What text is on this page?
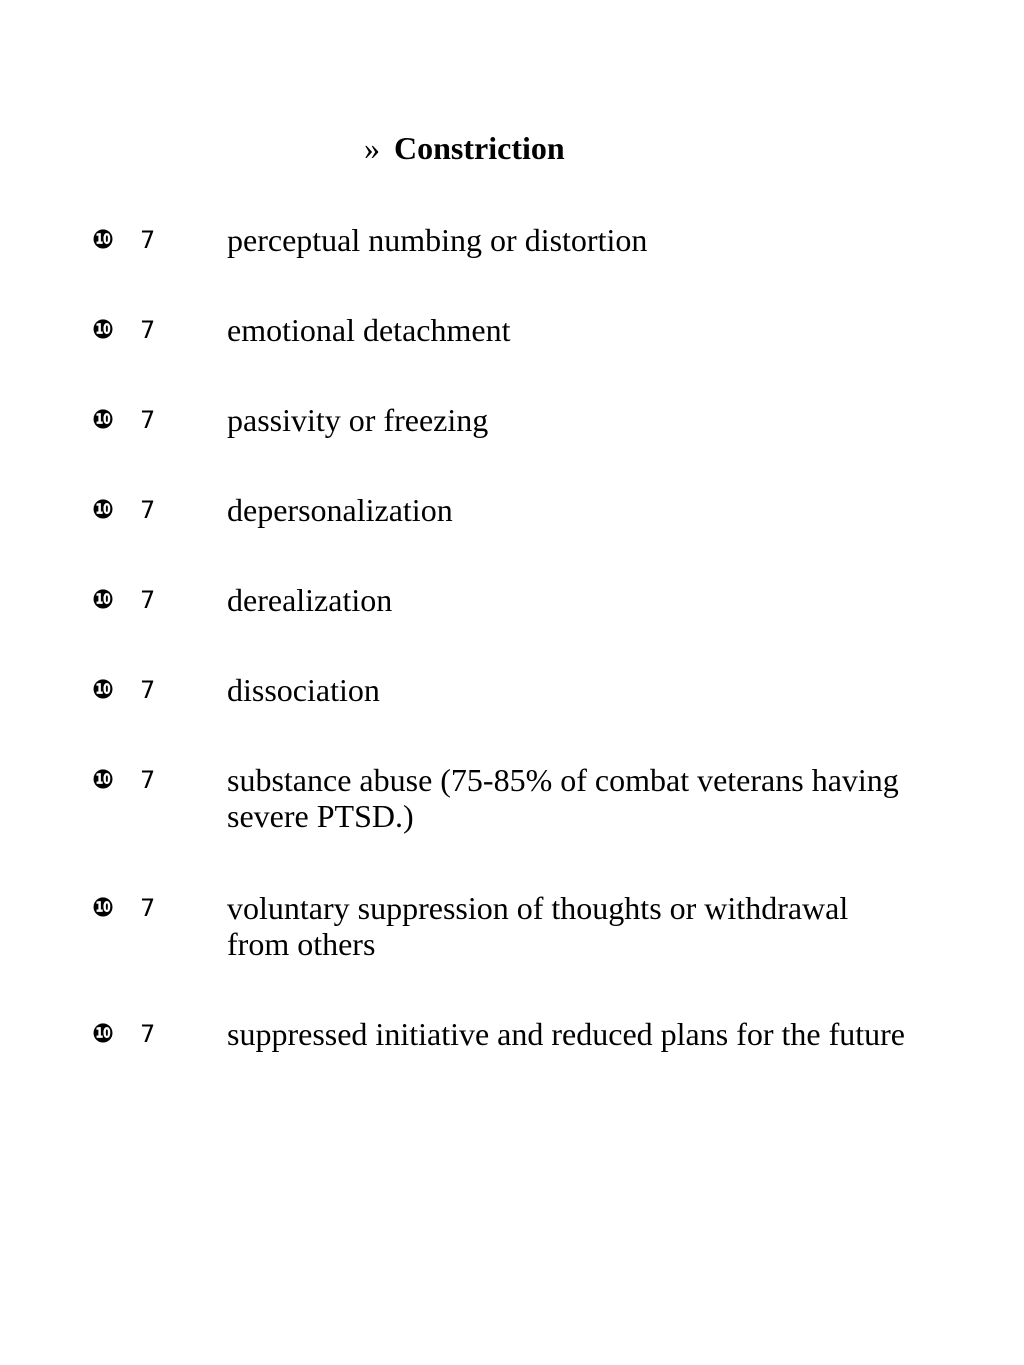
» Constriction
❿ 7 perceptual numbing or distortion
❿ 7 emotional detachment
❿ 7 passivity or freezing
❿ 7 depersonalization
❿ 7 derealization
❿ 7 dissociation
❿ 7 substance abuse (75-85% of combat veterans having severe PTSD.)
❿ 7 voluntary suppression of thoughts or withdrawal from others
❿ 7 suppressed initiative and reduced plans for the future
